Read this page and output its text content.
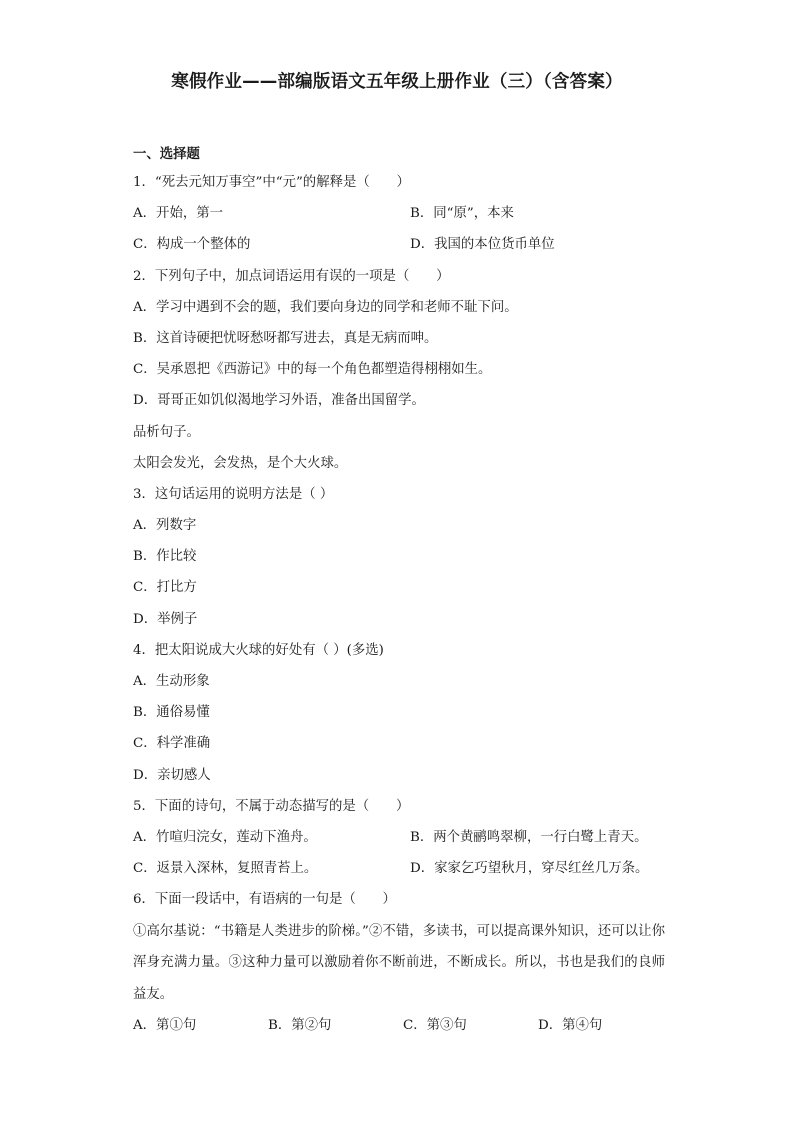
寒假作业——部编版语文五年级上册作业（三）（含答案）
一、选择题
1．“死去元知万事空”中“元”的解释是（　　）
A．开始，第一	B．同“原”，本来
C．构成一个整体的	D．我国的本位货币单位
2．下列句子中，加点词语运用有误的一项是（　　）
A．学习中遇到不会的题，我们要向身边的同学和老师不耻下问。
B．这首诗硬把忧呀愁呀都写进去，真是无病而呻。
C．吴承恩把《西游记》中的每一个角色都塑造得栩栩如生。
D．哥哥正如饥似渴地学习外语，准备出国留学。
品析句子。
太阳会发光，会发热，是个大火球。
3．这句话运用的说明方法是（ ）
A．列数字
B．作比较
C．打比方
D．举例子
4．把太阳说成大火球的好处有（ ）(多选)
A．生动形象
B．通俗易懂
C．科学准确
D．亲切感人
5．下面的诗句，不属于动态描写的是（　　）
A．竹喧归浣女，莲动下渔舟。	B．两个黄鹂鸣翠柳，一行白鹭上青天。
C．返景入深林，复照青苔上。	D．家家乞巧望秋月，穿尽红丝几万条。
6．下面一段话中，有语病的一句是（　　）
①高尔基说：“书籍是人类进步的阶梯。”②不错，多读书，可以提高课外知识，还可以让你浑身充满力量。③这种力量可以激励着你不断前进，不断成长。所以，书也是我们的良师益友。
A．第①句	B．第②句	C．第③句	D．第④句
